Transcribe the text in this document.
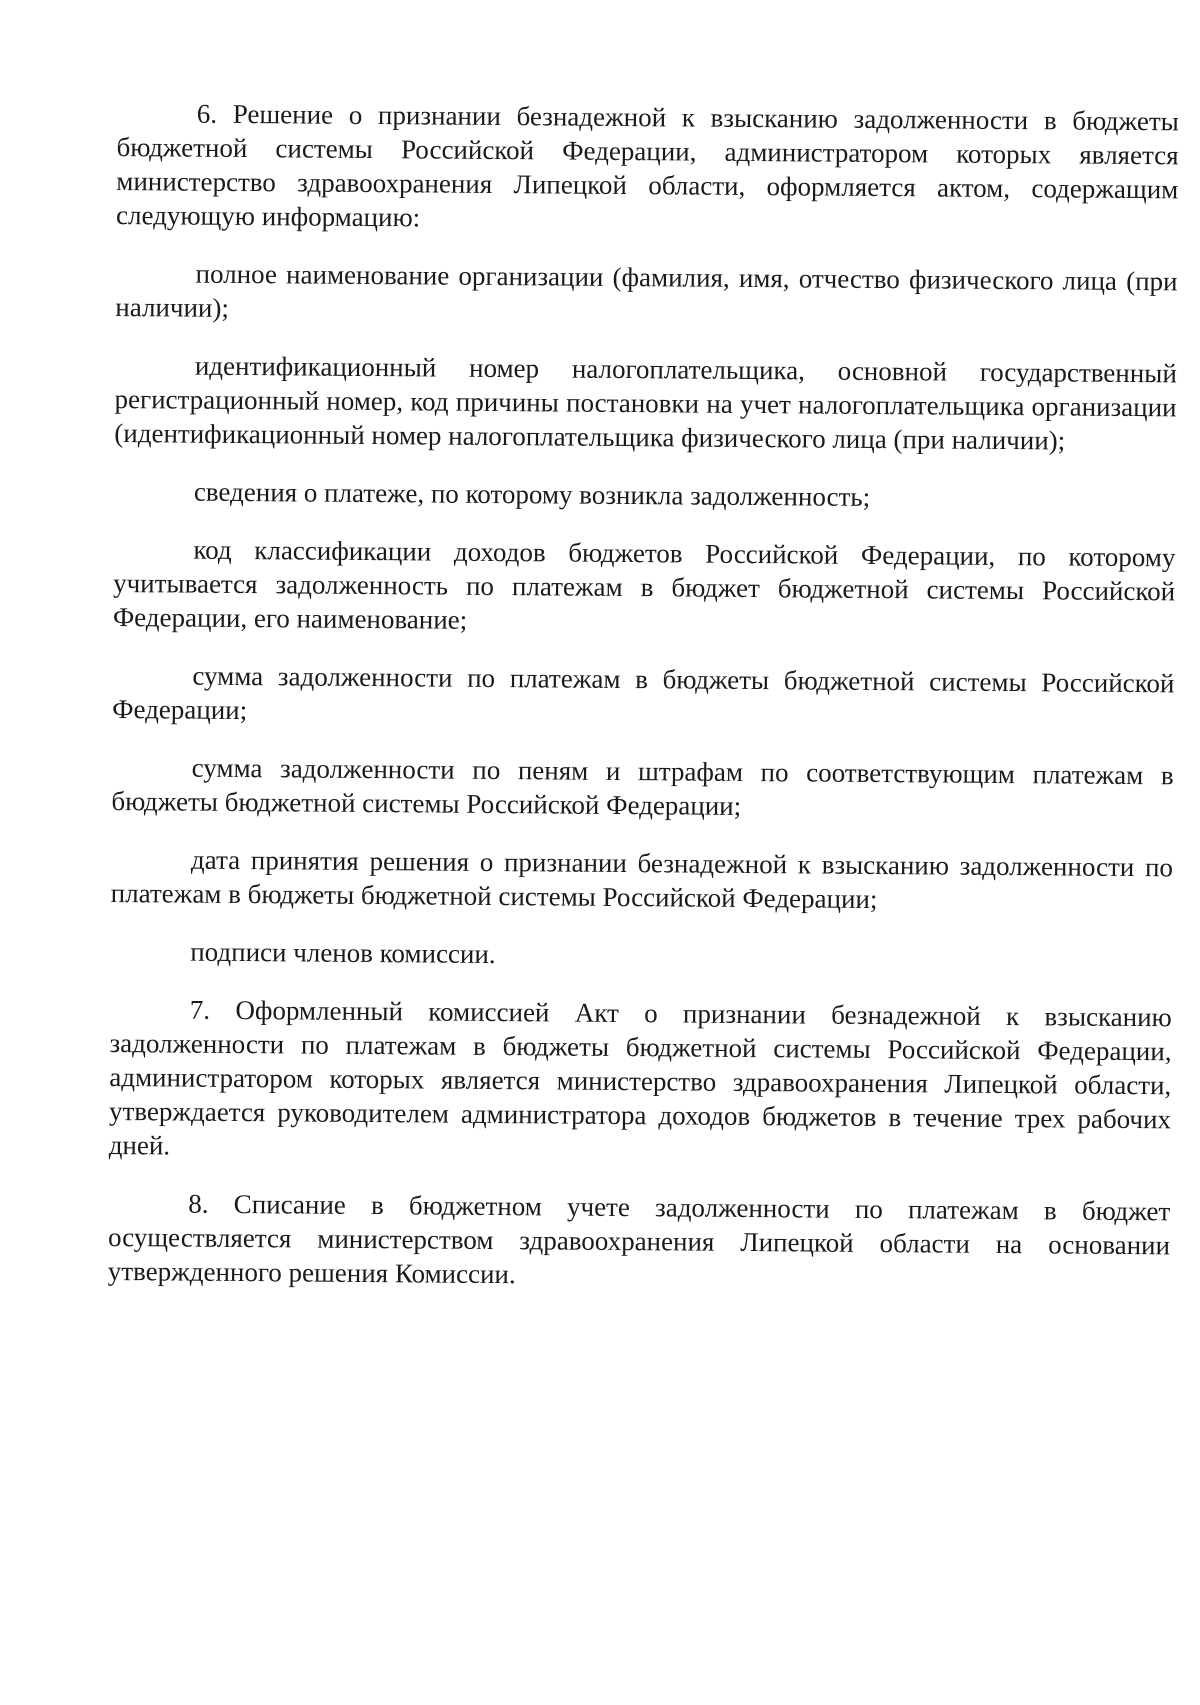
6. Решение о признании безнадежной к взысканию задолженности в бюджеты бюджетной системы Российской Федерации, администратором которых является министерство здравоохранения Липецкой области, оформляется актом, содержащим следующую информацию:

полное наименование организации (фамилия, имя, отчество физического лица (при наличии);

идентификационный номер налогоплательщика, основной государственный регистрационный номер, код причины постановки на учет налогоплательщика организации (идентификационный номер налогоплательщика физического лица (при наличии);

сведения о платеже, по которому возникла задолженность;

код классификации доходов бюджетов Российской Федерации, по которому учитывается задолженность по платежам в бюджет бюджетной системы Российской Федерации, его наименование;

сумма задолженности по платежам в бюджеты бюджетной системы Российской Федерации;

сумма задолженности по пеням и штрафам по соответствующим платежам в бюджеты бюджетной системы Российской Федерации;

дата принятия решения о признании безнадежной к взысканию задолженности по платежам в бюджеты бюджетной системы Российской Федерации;

подписи членов комиссии.

7. Оформленный комиссией Акт о признании безнадежной к взысканию задолженности по платежам в бюджеты бюджетной системы Российской Федерации, администратором которых является министерство здравоохранения Липецкой области, утверждается руководителем администратора доходов бюджетов в течение трех рабочих дней.

8. Списание в бюджетном учете задолженности по платежам в бюджет осуществляется министерством здравоохранения Липецкой области на основании утвержденного решения Комиссии.
